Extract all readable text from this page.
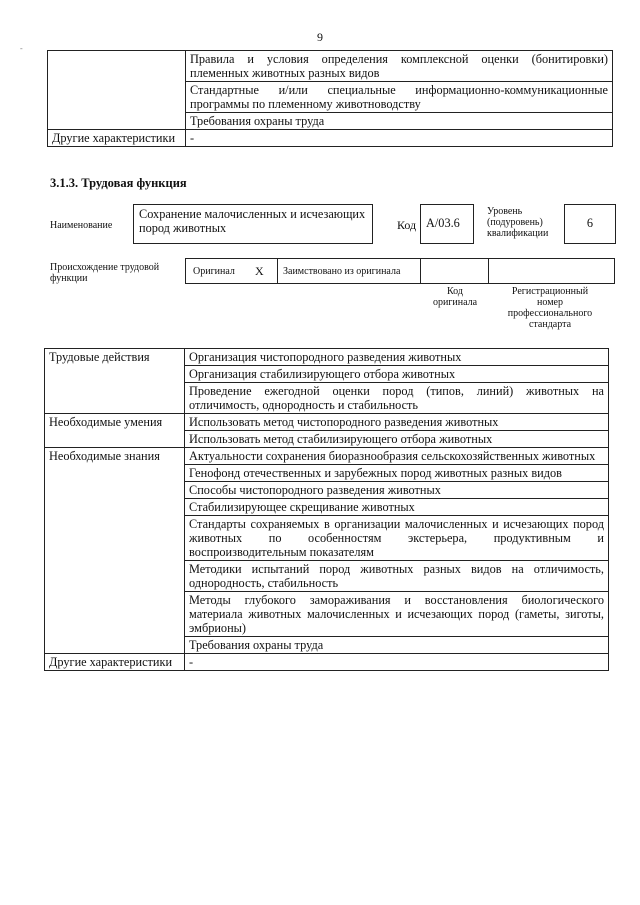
9
-
	Правила и условия определения комплексной оценки (бонитировки) племенных животных разных видов
	Стандартные и/или специальные информационно-коммуникационные программы по племенному животноводству
	Требования охраны труда
Другие характеристики	-
3.1.3. Трудовая функция
Наименование
Сохранение малочисленных и исчезающих пород животных	Код A/03.6
Уровень (подуровень) квалификации
6
Происхождение трудовой функции
Оригинал X Заимствовано из оригинала
Код оригинала
Регистрационный номер профессионального стандарта
Трудовые действия	Организация чистопородного разведения животных
	Организация стабилизирующего отбора животных
	Проведение ежегодной оценки пород (типов, линий) животных на отличимость, однородность и стабильность
Необходимые умения	Использовать метод чистопородного разведения животных
	Использовать метод стабилизирующего отбора животных
Необходимые знания	Актуальности сохранения биоразнообразия сельскохозяйственных животных
	Генофонд отечественных и зарубежных пород животных разных видов
	Способы чистопородного разведения животных
	Стабилизирующее скрещивание животных
	Стандарты сохраняемых в организации малочисленных и исчезающих пород животных по особенностям экстерьера, продуктивным и воспроизводительным показателям
	Методики испытаний пород животных разных видов на отличимость, однородность, стабильность
	Методы глубокого замораживания и восстановления биологического материала животных малочисленных и исчезающих пород (гаметы, зиготы, эмбрионы)
	Требования охраны труда
Другие характеристики	-
